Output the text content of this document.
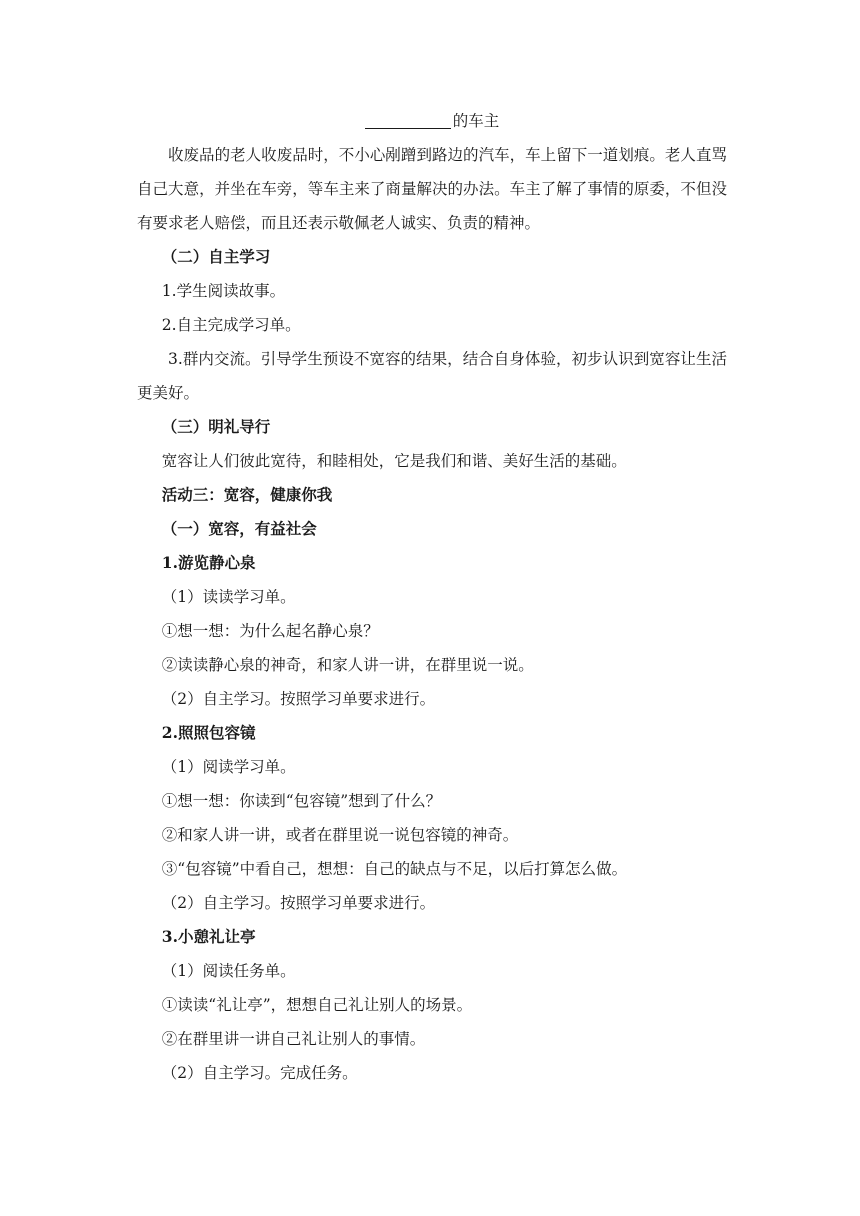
的车主
收废品的老人收废品时，不小心剐蹭到路边的汽车，车上留下一道划痕。老人直骂自己大意，并坐在车旁，等车主来了商量解决的办法。车主了解了事情的原委，不但没有要求老人赔偿，而且还表示敬佩老人诚实、负责的精神。
（二）自主学习
1.学生阅读故事。
2.自主完成学习单。
3.群内交流。引导学生预设不宽容的结果，结合自身体验，初步认识到宽容让生活更美好。
（三）明礼导行
宽容让人们彼此宽待，和睦相处，它是我们和谐、美好生活的基础。
活动三：宽容，健康你我
（一）宽容，有益社会
1.游览静心泉
（1）读读学习单。
①想一想：为什么起名静心泉？
②读读静心泉的神奇，和家人讲一讲，在群里说一说。
（2）自主学习。按照学习单要求进行。
2.照照包容镜
（1）阅读学习单。
①想一想：你读到“包容镜”想到了什么？
②和家人讲一讲，或者在群里说一说包容镜的神奇。
③“包容镜”中看自己，想想：自己的缺点与不足，以后打算怎么做。
（2）自主学习。按照学习单要求进行。
3.小憩礼让亭
（1）阅读任务单。
①读读“礼让亭”，想想自己礼让别人的场景。
②在群里讲一讲自己礼让别人的事情。
（2）自主学习。完成任务。
